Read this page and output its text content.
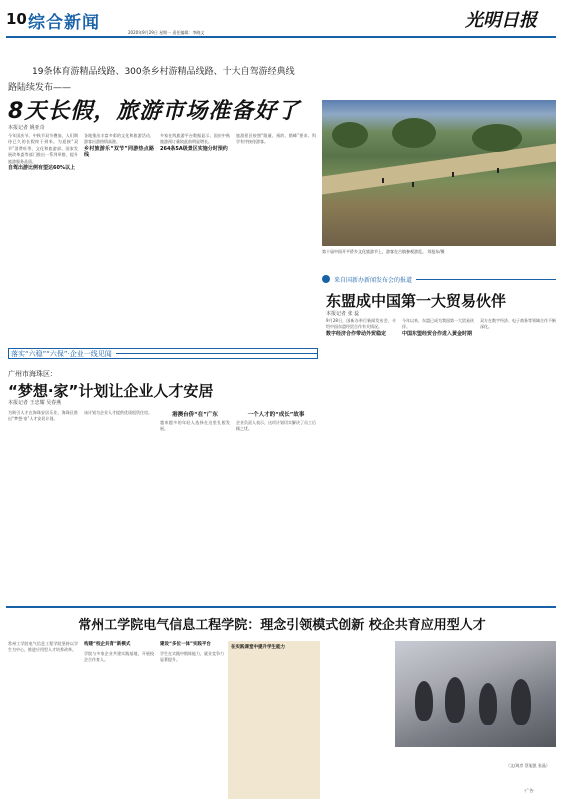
10 综合新闻	2020年9月29日 星期一 责任编辑：李晓文
光明日报
19条体育游精品线路、300条乡村游精品线路、十大自驾游经典线
路陆续发布——
8天长假，旅游市场准备好了
本报记者 姚亚奇
今年国庆节、中秋节双节叠加，人们期待已久的长假终于到来。为迎接“双节”消费旺季，文化和旅游部、国家发展改革委等部门推出一系列举措，提升旅游服务品质。
自驾出游比例有望达60%以上
各地推出丰富多彩的文化和旅游活动，游客出游热情高涨。
乡村旅游乐“双节”同游热点路线
多家在线旅游平台数据显示，国庆中秋旅游预订量较此前明显增长。
264条5A级景区实施分时预约
旅游景区按照“限量、预约、错峰”要求，科学有序接待游客。
第十届中国开平侨乡文化旅游节上，游客在古镇参观游览。 刘旭东/摄
来自国新办新闻发布会的报道
东盟成中国第一大贸易伙伴
本报记者 张 蕊
9月28日，国新办举行新闻发布会，介绍中国东盟经贸合作有关情况。
数字经济合作带动外贸稳定
今年以来，东盟已成为我国第一大贸易伙伴。
中国东盟经贸合作进入黄金时期
双方在数字经济、电子商务等领域合作不断深化。
落实“六稳”“六保”·企业一线见闻
广州市海珠区：
“梦想·家”计划让企业人才安居
本报记者 王忠耀 吴春燕
为吸引人才在海珠安居乐业，海珠区推出“梦想·家”人才安居计划。
该计划为企业人才提供优质租赁住房。	港澳台侨“在”广东
越来越多的年轻人选择在这里扎根发展。
一个人才的“成长”故事
企业负责人表示，这项计划切实解决了员工后顾之忧。
常州工学院电气信息工程学院：理念引领模式创新 校企共育应用型人才
常州工学院电气信息工程学院坚持以学生为中心，推进应用型人才培养改革。
构建“校企共育”新模式
学院与多家企业共建实践基地，开展校企合作育人。
建设“多位一体”实践平台
学生在实践中锻炼能力，就业竞争力显著提升。
在实践课堂中提升学生能力
（文/周彦 蔡旭凯 张晶）
·广告·
